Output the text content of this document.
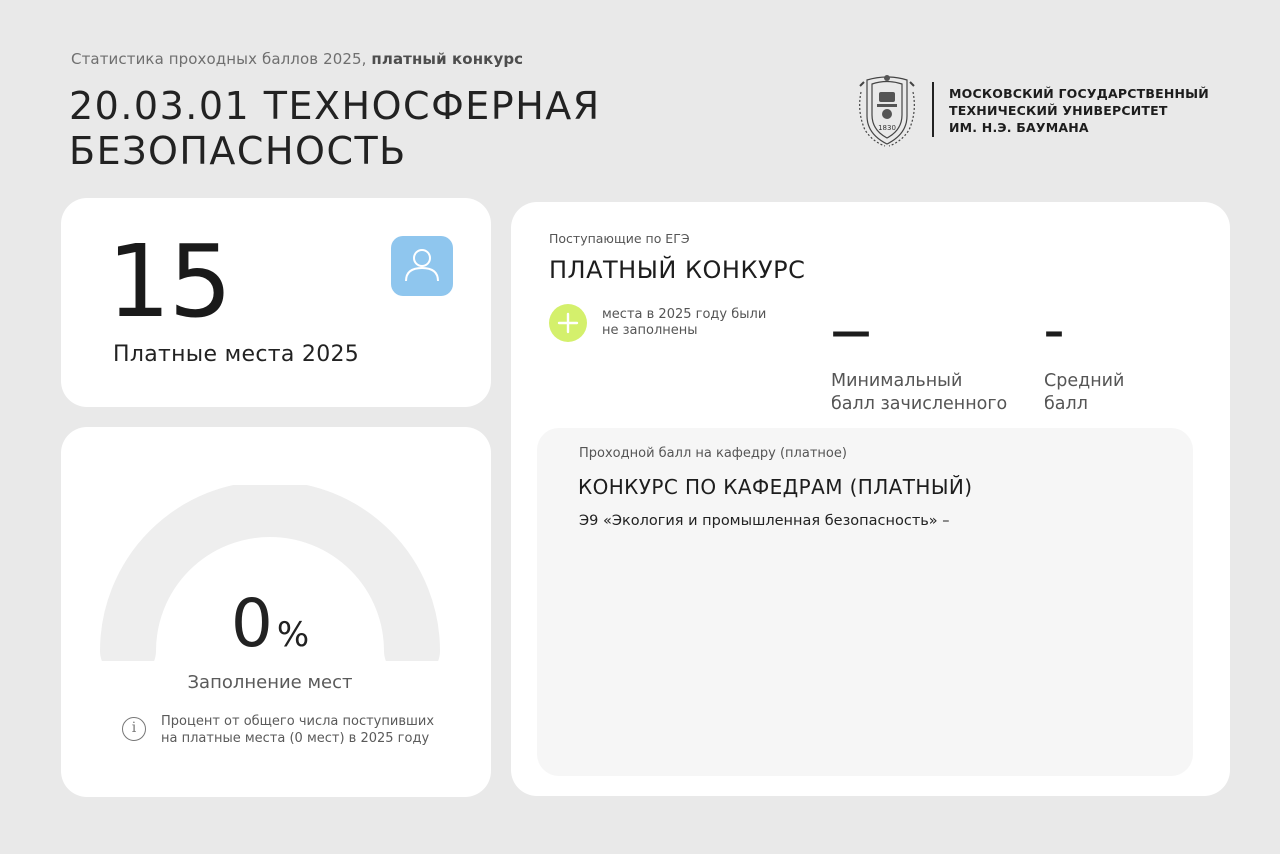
Статистика проходных баллов 2025, платный конкурс
20.03.01 ТЕХНОСФЕРНАЯ
БЕЗОПАСНОСТЬ
1830
МОСКОВСКИЙ ГОСУДАРСТВЕННЫЙ
ТЕХНИЧЕСКИЙ УНИВЕРСИТЕТ
ИМ. Н.Э. БАУМАНА
15
Платные места 2025
0 %
Заполнение мест
i	Процент от общего числа поступивших
на платные места (0 мест) в 2025 году
Поступающие по ЕГЭ
ПЛАТНЫЙ КОНКУРС
места в 2025 году были
не заполнены	—
Минимальный
балл зачисленного
–
Средний
балл
Проходной балл на кафедру (платное)
КОНКУРС ПО КАФЕДРАМ (ПЛАТНЫЙ)
Э9 «Экология и промышленная безопасность» –
